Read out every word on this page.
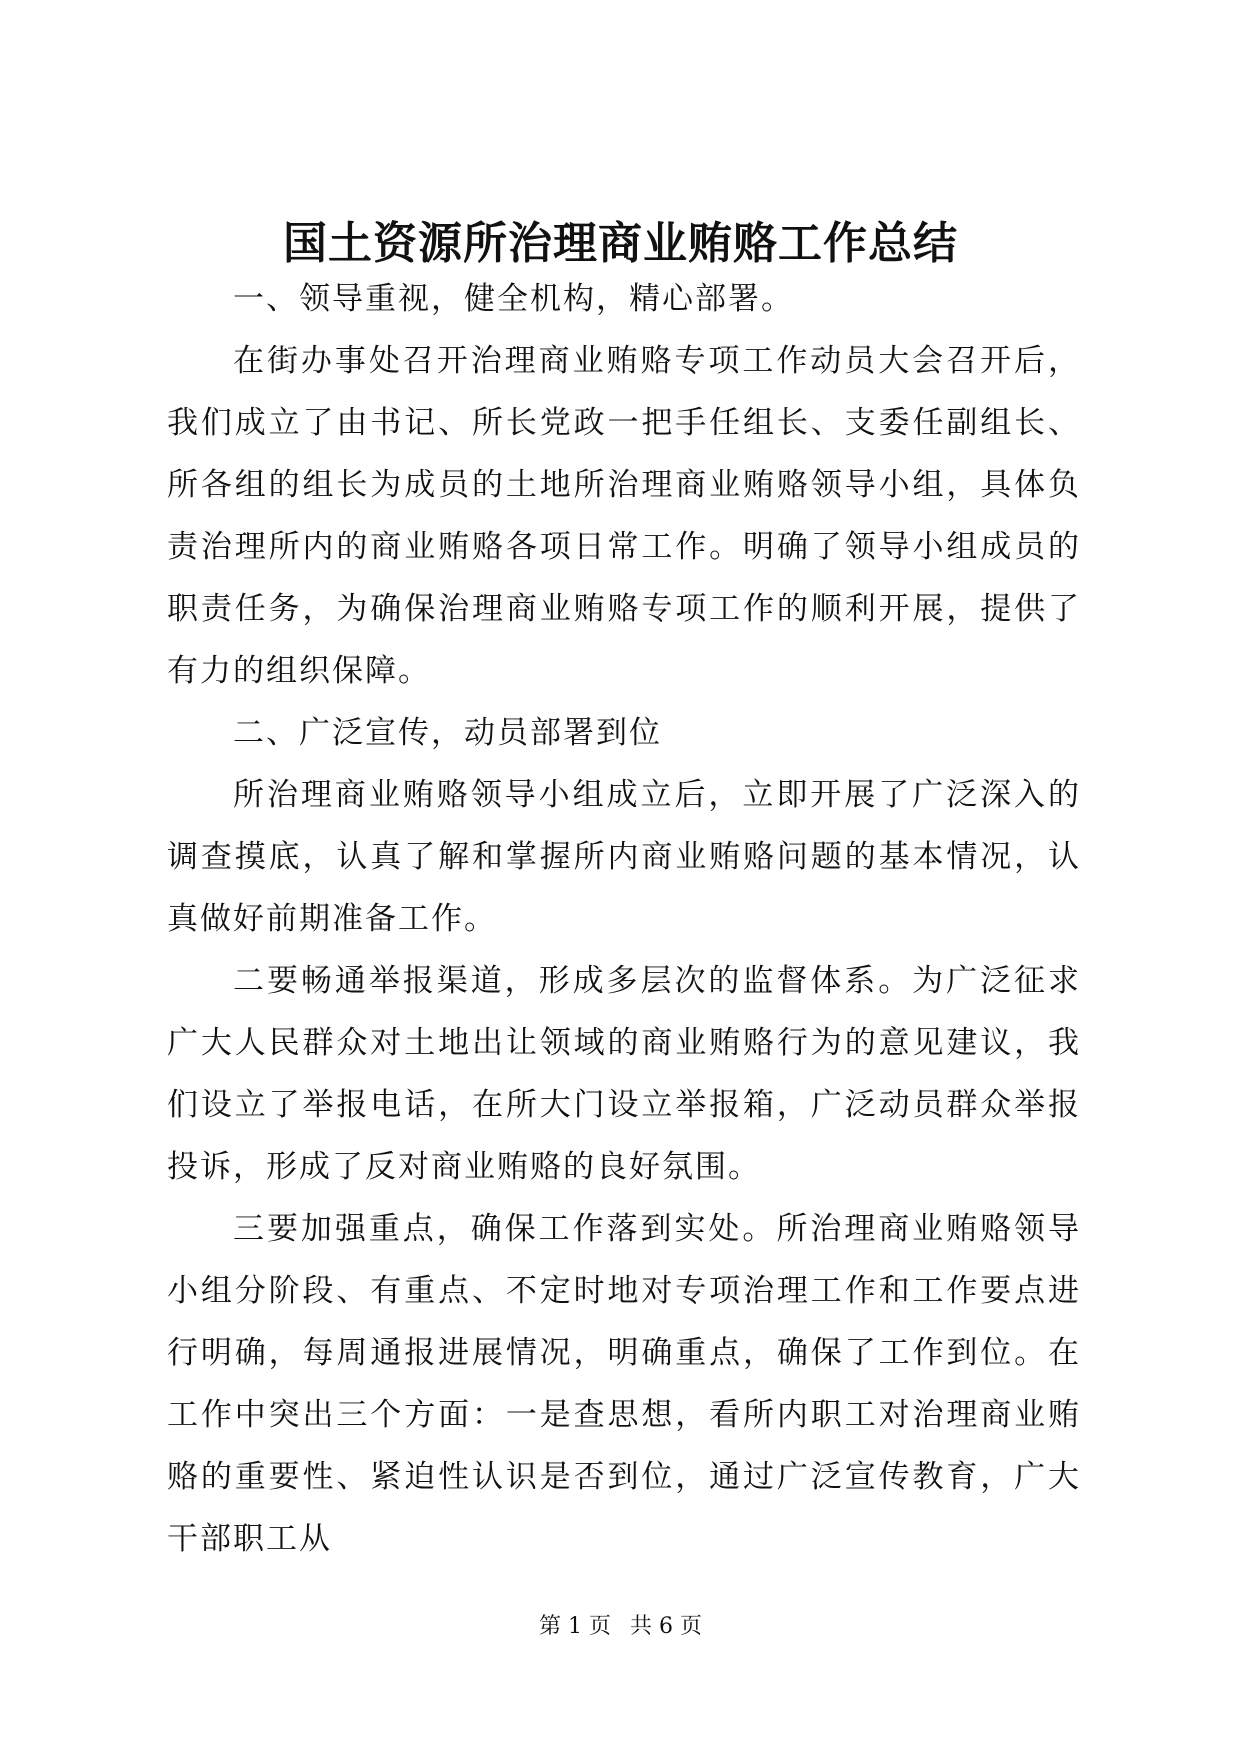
国土资源所治理商业贿赂工作总结

一、领导重视，健全机构，精心部署。

在街办事处召开治理商业贿赂专项工作动员大会召开后，我们成立了由书记、所长党政一把手任组长、支委任副组长、所各组的组长为成员的土地所治理商业贿赂领导小组，具体负责治理所内的商业贿赂各项日常工作。明确了领导小组成员的职责任务，为确保治理商业贿赂专项工作的顺利开展，提供了有力的组织保障。

二、广泛宣传，动员部署到位

所治理商业贿赂领导小组成立后，立即开展了广泛深入的调查摸底，认真了解和掌握所内商业贿赂问题的基本情况，认真做好前期准备工作。

二要畅通举报渠道，形成多层次的监督体系。为广泛征求广大人民群众对土地出让领域的商业贿赂行为的意见建议，我们设立了举报电话，在所大门设立举报箱，广泛动员群众举报投诉，形成了反对商业贿赂的良好氛围。

三要加强重点，确保工作落到实处。所治理商业贿赂领导小组分阶段、有重点、不定时地对专项治理工作和工作要点进行明确，每周通报进展情况，明确重点，确保了工作到位。在工作中突出三个方面：一是查思想，看所内职工对治理商业贿赂的重要性、紧迫性认识是否到位，通过广泛宣传教育，广大干部职工从

第 1 页 共 6 页
